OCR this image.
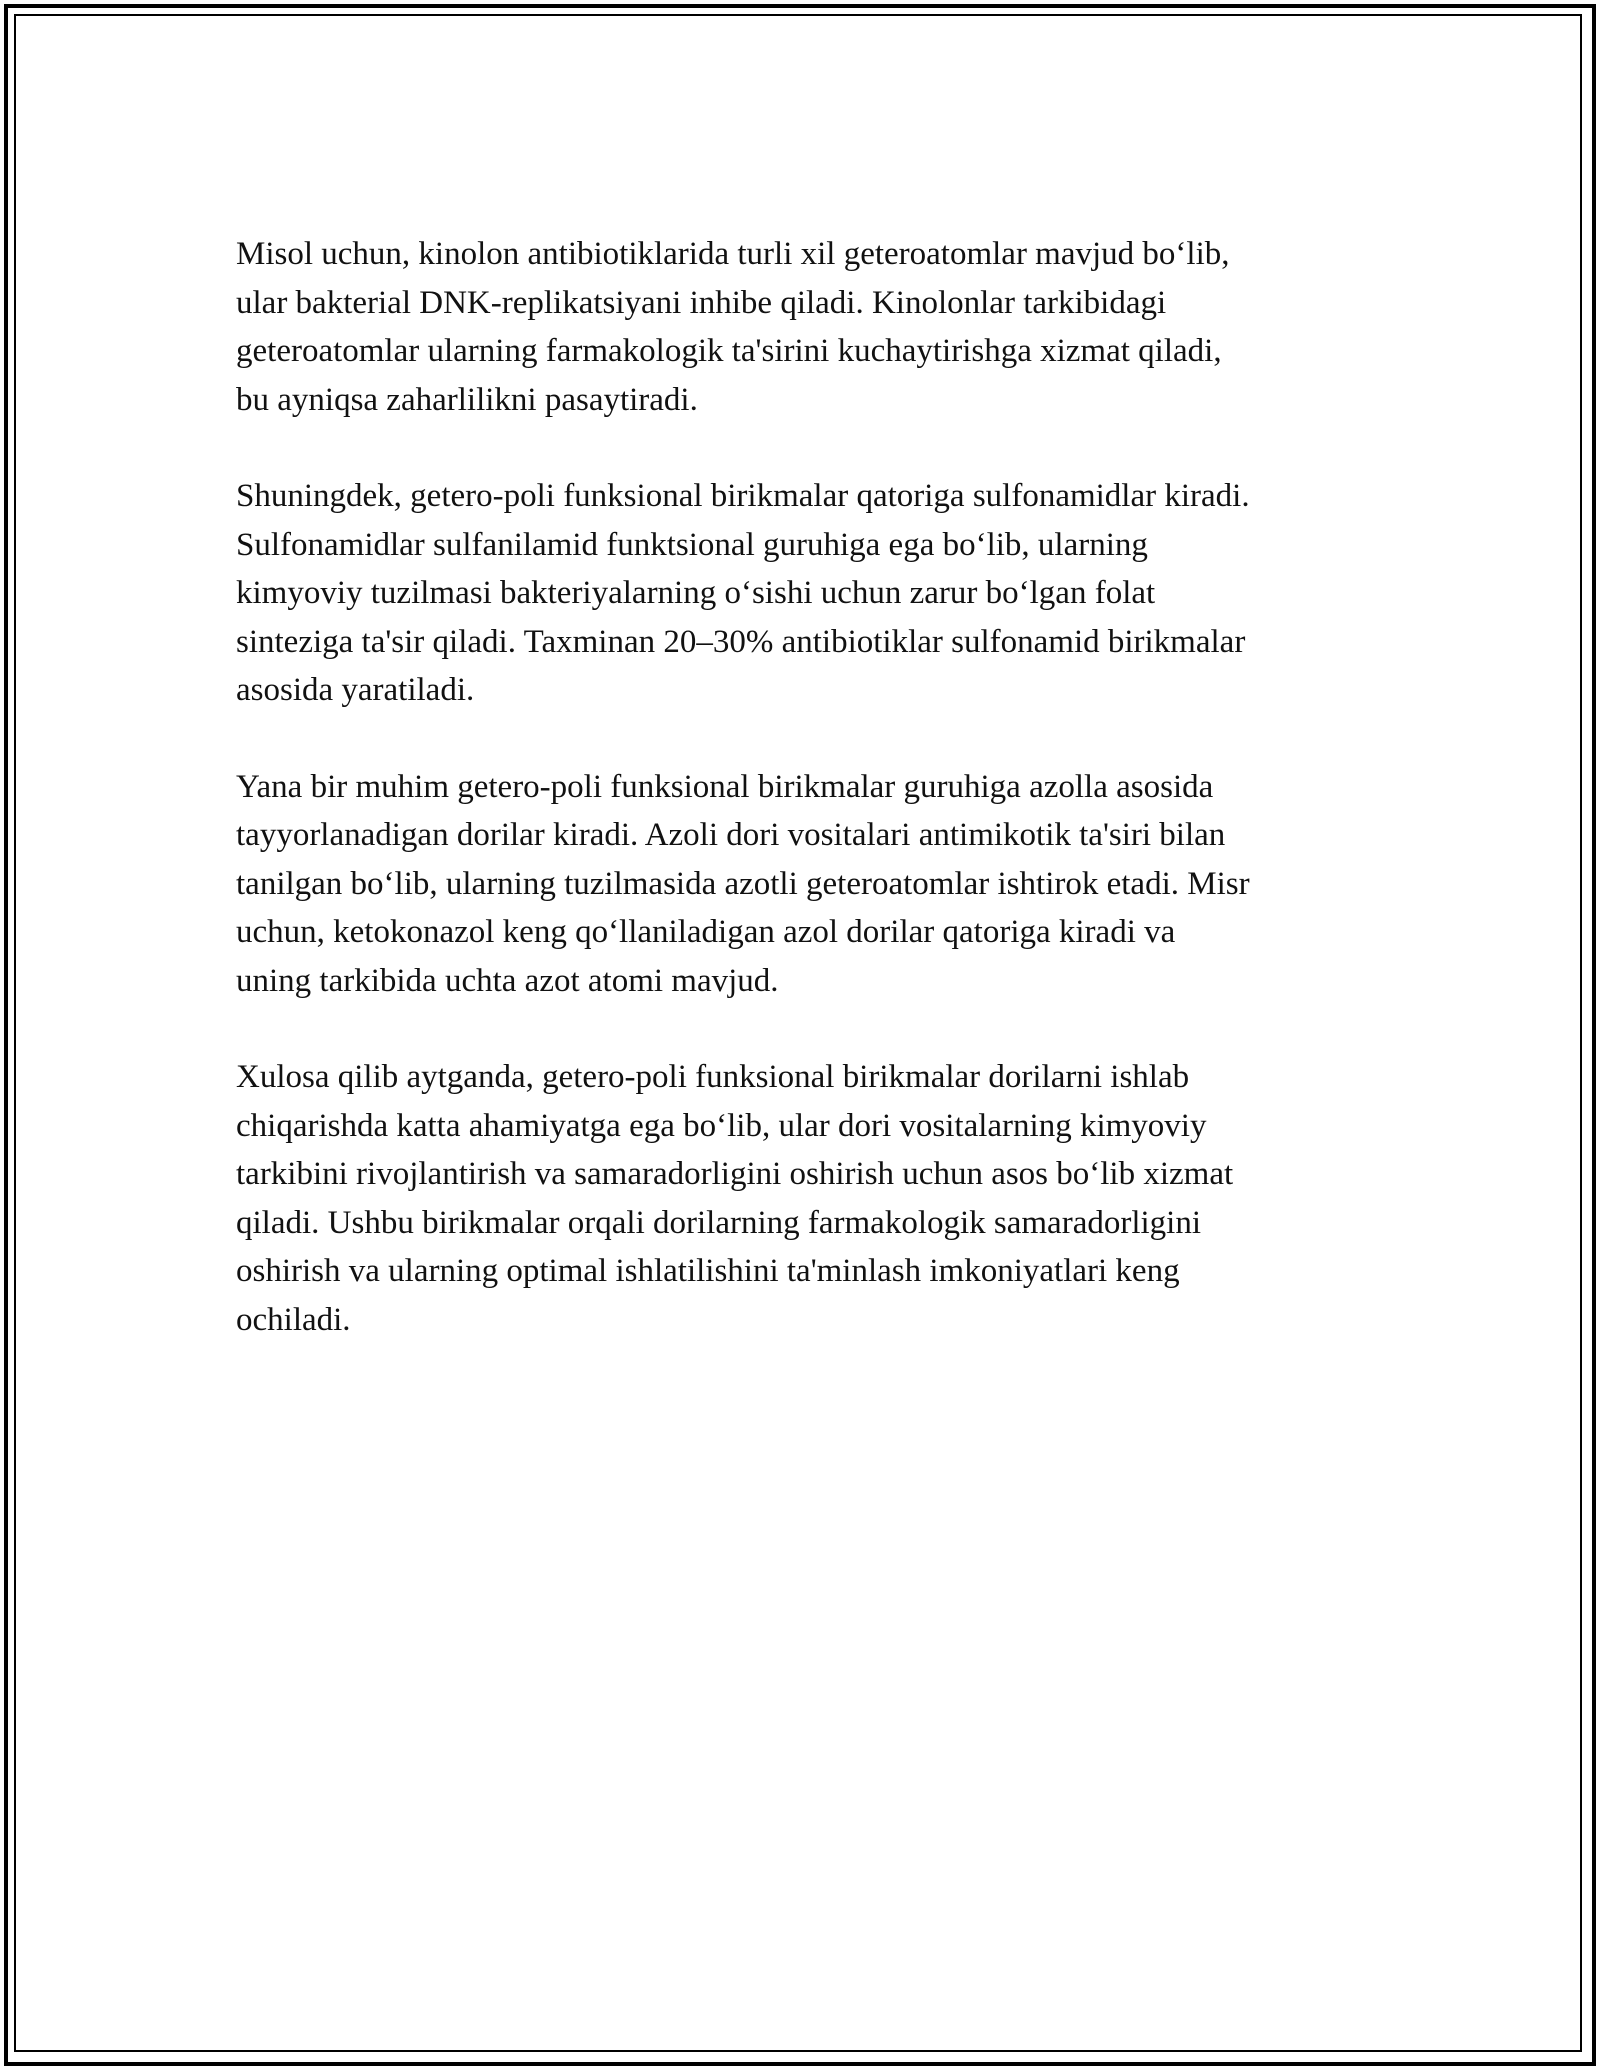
Misol uchun, kinolon antibiotiklarida turli xil geteroatomlar mavjud bo‘lib,
ular bakterial DNK-replikatsiyani inhibe qiladi. Kinolonlar tarkibidagi
geteroatomlar ularning farmakologik ta'sirini kuchaytirishga xizmat qiladi,
bu ayniqsa zaharlilikni pasaytiradi.

Shuningdek, getero-poli funksional birikmalar qatoriga sulfonamidlar kiradi.
Sulfonamidlar sulfanilamid funktsional guruhiga ega bo‘lib, ularning
kimyoviy tuzilmasi bakteriyalarning o‘sishi uchun zarur bo‘lgan folat
sinteziga ta'sir qiladi. Taxminan 20–30% antibiotiklar sulfonamid birikmalar
asosida yaratiladi.

Yana bir muhim getero-poli funksional birikmalar guruhiga azolla asosida
tayyorlanadigan dorilar kiradi. Azoli dori vositalari antimikotik ta'siri bilan
tanilgan bo‘lib, ularning tuzilmasida azotli geteroatomlar ishtirok etadi. Misr
uchun, ketokonazol keng qo‘llaniladigan azol dorilar qatoriga kiradi va
uning tarkibida uchta azot atomi mavjud.

Xulosa qilib aytganda, getero-poli funksional birikmalar dorilarni ishlab
chiqarishda katta ahamiyatga ega bo‘lib, ular dori vositalarning kimyoviy
tarkibini rivojlantirish va samaradorligini oshirish uchun asos bo‘lib xizmat
qiladi. Ushbu birikmalar orqali dorilarning farmakologik samaradorligini
oshirish va ularning optimal ishlatilishini ta'minlash imkoniyatlari keng
ochiladi.
